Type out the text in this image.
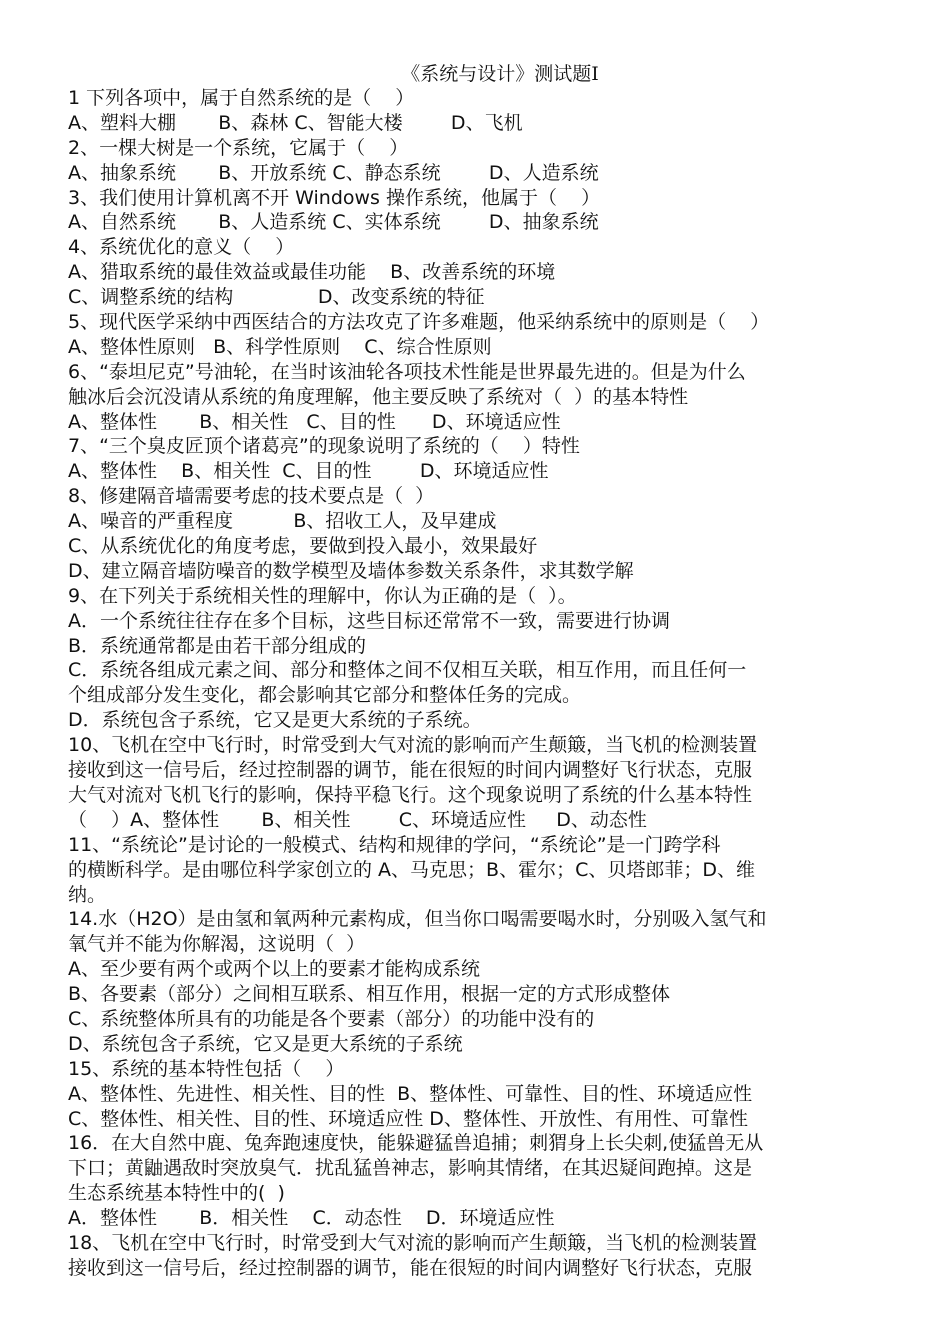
《系统与设计》测试题Ⅰ
1 下列各项中，属于自然系统的是（    ）
A、塑料大棚       B、森林 C、智能大楼        D、飞机
2、一棵大树是一个系统，它属于（    ）
A、抽象系统       B、开放系统 C、静态系统        D、人造系统
3、我们使用计算机离不开 Windows 操作系统，他属于（    ）
A、自然系统       B、人造系统 C、实体系统        D、抽象系统
4、系统优化的意义（    ）
A、猎取系统的最佳效益或最佳功能    B、改善系统的环境
C、调整系统的结构              D、改变系统的特征
5、现代医学采纳中西医结合的方法攻克了许多难题，他采纳系统中的原则是（    ）
A、整体性原则   B、科学性原则    C、综合性原则
6、“泰坦尼克”号油轮，在当时该油轮各项技术性能是世界最先进的。但是为什么
触冰后会沉没请从系统的角度理解，他主要反映了系统对（  ）的基本特性
A、整体性       B、相关性   C、目的性      D、环境适应性
7、“三个臭皮匠顶个诸葛亮”的现象说明了系统的（    ）特性
A、整体性    B、相关性  C、目的性        D、环境适应性
8、修建隔音墙需要考虑的技术要点是（  ）
A、噪音的严重程度          B、招收工人，及早建成
C、从系统优化的角度考虑，要做到投入最小，效果最好
D、建立隔音墙防噪音的数学模型及墙体参数关系条件，求其数学解
9、在下列关于系统相关性的理解中，你认为正确的是（  ）。
A．一个系统往往存在多个目标，这些目标还常常不一致，需要进行协调
B．系统通常都是由若干部分组成的
C．系统各组成元素之间、部分和整体之间不仅相互关联，相互作用，而且任何一
个组成部分发生变化，都会影响其它部分和整体任务的完成。
D．系统包含子系统，它又是更大系统的子系统。
10、飞机在空中飞行时，时常受到大气对流的影响而产生颠簸，当飞机的检测装置
接收到这一信号后，经过控制器的调节，能在很短的时间内调整好飞行状态，克服
大气对流对飞机飞行的影响，保持平稳飞行。这个现象说明了系统的什么基本特性
（    ）A、整体性       B、相关性        C、环境适应性     D、动态性
11、“系统论”是讨论的一般模式、结构和规律的学问，“系统论”是一门跨学科
的横断科学。是由哪位科学家创立的 A、马克思；B、霍尔；C、贝塔郎菲；D、维
纳。
14.水（H2O）是由氢和氧两种元素构成，但当你口喝需要喝水时，分别吸入氢气和
氧气并不能为你解渴，这说明（  ）
A、至少要有两个或两个以上的要素才能构成系统
B、各要素（部分）之间相互联系、相互作用，根据一定的方式形成整体
C、系统整体所具有的功能是各个要素（部分）的功能中没有的
D、系统包含子系统，它又是更大系统的子系统
15、系统的基本特性包括（    ）
A、整体性、先进性、相关性、目的性  B、整体性、可靠性、目的性、环境适应性
C、整体性、相关性、目的性、环境适应性 D、整体性、开放性、有用性、可靠性
16．在大自然中鹿、兔奔跑速度快，能躲避猛兽追捕；刺猬身上长尖刺,使猛兽无从
下口；黄鼬遇敌时突放臭气．扰乱猛兽神志，影响其情绪，在其迟疑间跑掉。这是
生态系统基本特性中的(  )
A．整体性       B．相关性    C．动态性    D．环境适应性
18、飞机在空中飞行时，时常受到大气对流的影响而产生颠簸，当飞机的检测装置
接收到这一信号后，经过控制器的调节，能在很短的时间内调整好飞行状态，克服
